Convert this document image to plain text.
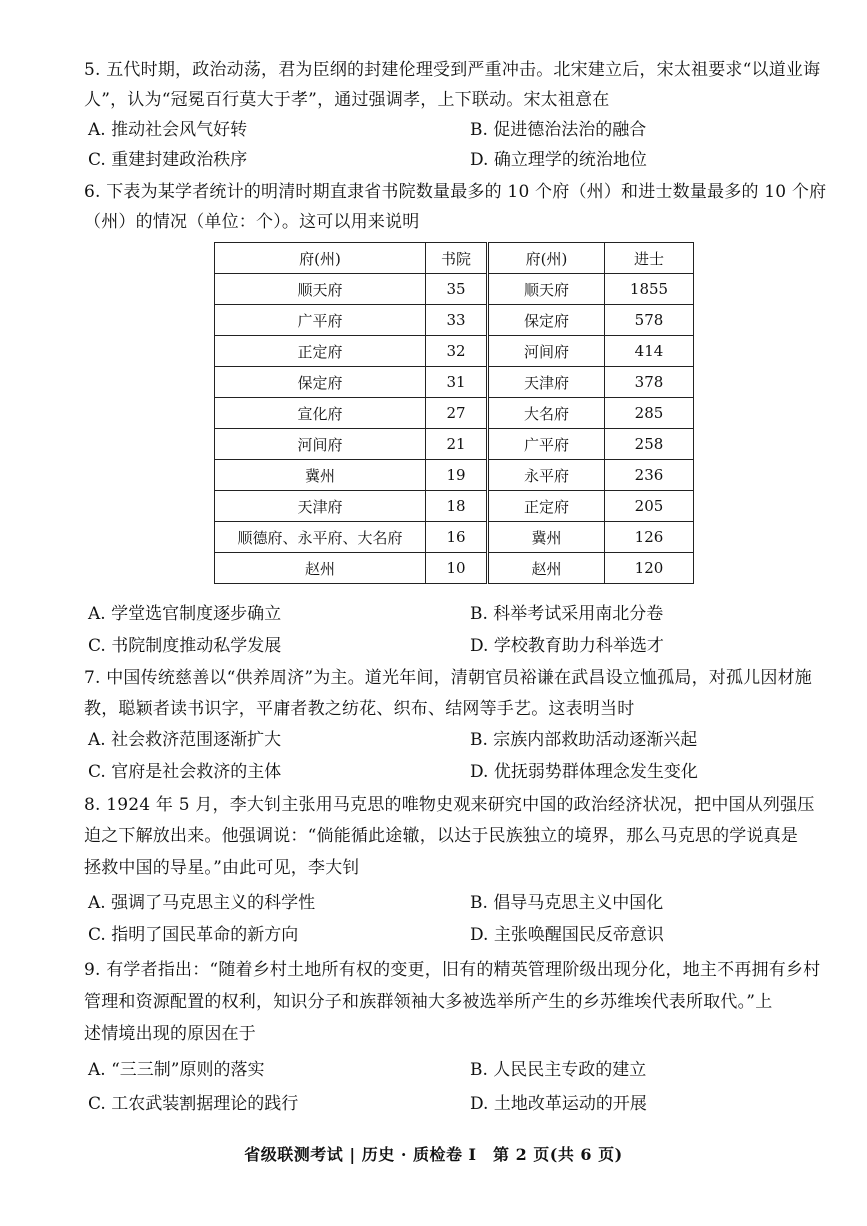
5. 五代时期，政治动荡，君为臣纲的封建伦理受到严重冲击。北宋建立后，宋太祖要求“以道业诲
人”，认为“冠冕百行莫大于孝”，通过强调孝，上下联动。宋太祖意在
A. 推动社会风气好转	B. 促进德治法治的融合
C. 重建封建政治秩序	D. 确立理学的统治地位
6. 下表为某学者统计的明清时期直隶省书院数量最多的 10 个府（州）和进士数量最多的 10 个府
（州）的情况（单位：个）。这可以用来说明
府(州)	书院	府(州)	进士
顺天府	35	顺天府	1855
广平府	33	保定府	578
正定府	32	河间府	414
保定府	31	天津府	378
宣化府	27	大名府	285
河间府	21	广平府	258
冀州	19	永平府	236
天津府	18	正定府	205
顺德府、永平府、大名府	16	冀州	126
赵州	10	赵州	120
A. 学堂选官制度逐步确立	B. 科举考试采用南北分卷
C. 书院制度推动私学发展	D. 学校教育助力科举选才
7. 中国传统慈善以“供养周济”为主。道光年间，清朝官员裕谦在武昌设立恤孤局，对孤儿因材施
教，聪颖者读书识字，平庸者教之纺花、织布、结网等手艺。这表明当时
A. 社会救济范围逐渐扩大	B. 宗族内部救助活动逐渐兴起
C. 官府是社会救济的主体	D. 优抚弱势群体理念发生变化
8. 1924 年 5 月，李大钊主张用马克思的唯物史观来研究中国的政治经济状况，把中国从列强压
迫之下解放出来。他强调说：“倘能循此途辙，以达于民族独立的境界，那么马克思的学说真是
拯救中国的导星。”由此可见，李大钊
A. 强调了马克思主义的科学性	B. 倡导马克思主义中国化
C. 指明了国民革命的新方向	D. 主张唤醒国民反帝意识
9. 有学者指出：“随着乡村土地所有权的变更，旧有的精英管理阶级出现分化，地主不再拥有乡村
管理和资源配置的权利，知识分子和族群领袖大多被选举所产生的乡苏维埃代表所取代。”上
述情境出现的原因在于
A. “三三制”原则的落实	B. 人民民主专政的建立
C. 工农武装割据理论的践行	D. 土地改革运动的开展
省级联测考试 | 历史 · 质检卷 I　第 2 页(共 6 页)
